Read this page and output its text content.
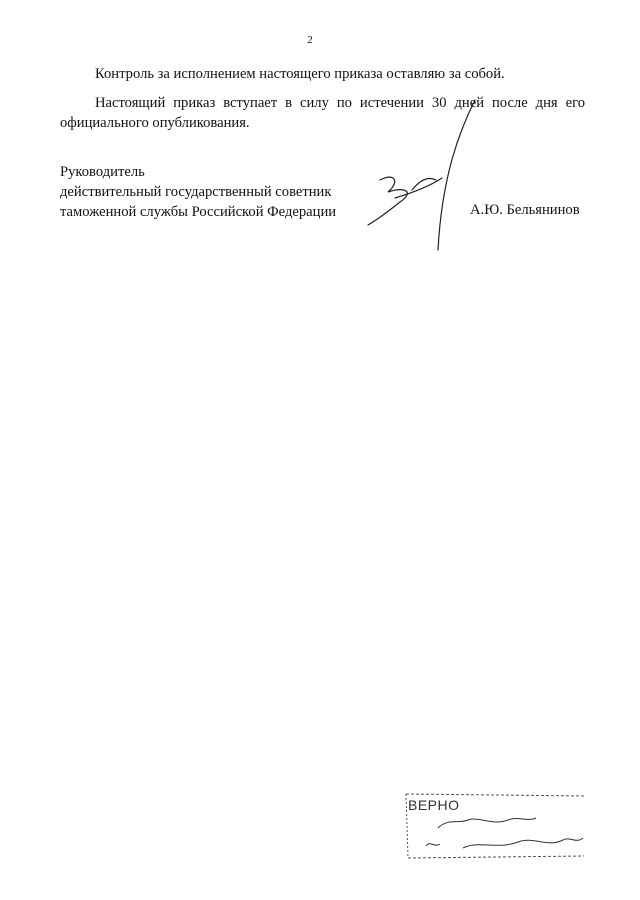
2

Контроль за исполнением настоящего приказа оставляю за собой.

Настоящий приказ вступает в силу по истечении 30 дней после дня его официального опубликования.

Руководитель
действительный государственный советник
таможенной службы Российской Федерации	А.Ю. Бельянинов
ВЕРНО
